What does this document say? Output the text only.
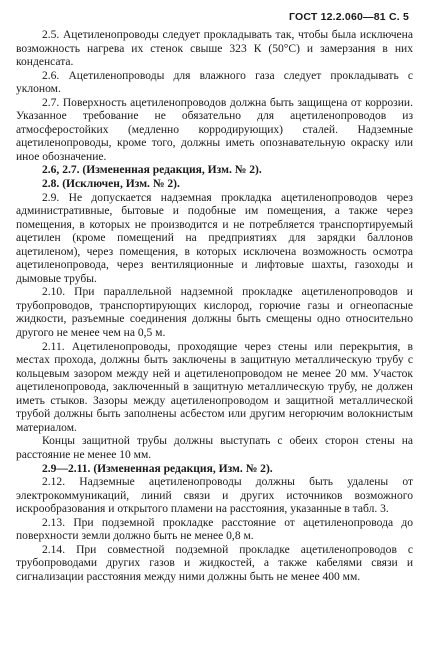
ГОСТ 12.2.060—81 С. 5

2.5. Ацетиленопроводы следует прокладывать так, чтобы была исключена возможность нагрева их стенок свыше 323 К (50°С) и замерзания в них конденсата.

2.6. Ацетиленопроводы для влажного газа следует прокладывать с уклоном.

2.7. Поверхность ацетиленопроводов должна быть защищена от коррозии. Указанное требование не обязательно для ацетиленопроводов из атмосферостойких (медленно корродирующих) сталей. Надземные ацетиленопроводы, кроме того, должны иметь опознавательную окраску или иное обозначение.

2.6, 2.7. (Измененная редакция, Изм. № 2).

2.8. (Исключен, Изм. № 2).

2.9. Не допускается надземная прокладка ацетиленопроводов через административные, бытовые и подобные им помещения, а также через помещения, в которых не производится и не потребляется транспортируемый ацетилен (кроме помещений на предприятиях для зарядки баллонов ацетиленом), через помещения, в которых исключена возможность осмотра ацетиленопровода, через вентиляционные и лифтовые шахты, газоходы и дымовые трубы.

2.10. При параллельной надземной прокладке ацетиленопроводов и трубопроводов, транспортирующих кислород, горючие газы и огнеопасные жидкости, разъемные соединения должны быть смещены одно относительно другого не менее чем на 0,5 м.

2.11. Ацетиленопроводы, проходящие через стены или перекрытия, в местах прохода, должны быть заключены в защитную металлическую трубу с кольцевым зазором между ней и ацетиленопроводом не менее 20 мм. Участок ацетиленопровода, заключенный в защитную металлическую трубу, не должен иметь стыков. Зазоры между ацетиленопроводом и защитной металлической трубой должны быть заполнены асбестом или другим негорючим волокнистым материалом.

Концы защитной трубы должны выступать с обеих сторон стены на расстояние не менее 10 мм.

2.9—2.11. (Измененная редакция, Изм. № 2).

2.12. Надземные ацетиленопроводы должны быть удалены от электрокоммуникаций, линий связи и других источников возможного искрообразования и открытого пламени на расстояния, указанные в табл. 3.

2.13. При подземной прокладке расстояние от ацетиленопровода до поверхности земли должно быть не менее 0,8 м.

2.14. При совместной подземной прокладке ацетиленопроводов с трубопроводами других газов и жидкостей, а также кабелями связи и сигнализации расстояния между ними должны быть не менее 400 мм.
